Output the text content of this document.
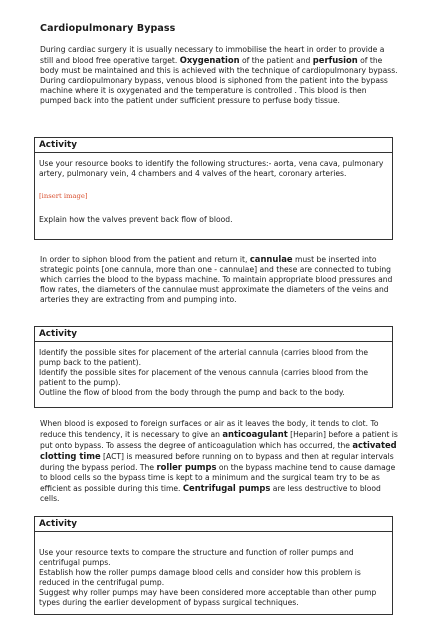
Cardiopulmonary Bypass

During cardiac surgery it is usually necessary to immobilise the heart in order to provide a still and blood free operative target. Oxygenation of the patient and perfusion of the body must be maintained and this is achieved with the technique of cardiopulmonary bypass. During cardiopulmonary bypass, venous blood is siphoned from the patient into the bypass machine where it is oxygenated and the temperature is controlled . This blood is then pumped back into the patient under sufficient pressure to perfuse body tissue.

Activity

Use your resource books to identify the following structures:- aorta, vena cava, pulmonary artery, pulmonary vein, 4 chambers and 4 valves of the heart, coronary arteries.

[insert image]

Explain how the valves prevent back flow of blood.

In order to siphon blood from the patient and return it, cannulae must be inserted into strategic points [one cannula, more than one - cannulae] and these are connected to tubing which carries the blood to the bypass machine. To maintain appropriate blood pressures and flow rates, the diameters of the cannulae must approximate the diameters of the veins and arteries they are extracting from and pumping into.

Activity

Identify the possible sites for placement of the arterial cannula (carries blood from the pump back to the patient).

Identify the possible sites for placement of the venous cannula (carries blood from the patient to the pump).

Outline the flow of blood from the body through the pump and back to the body.

When blood is exposed to foreign surfaces or air as it leaves the body, it tends to clot. To reduce this tendency, it is necessary to give an anticoagulant [Heparin] before a patient is put onto bypass. To assess the degree of anticoagulation which has occurred, the activated clotting time [ACT] is measured before running on to bypass and then at regular intervals during the bypass period. The roller pumps on the bypass machine tend to cause damage to blood cells so the bypass time is kept to a minimum and the surgical team try to be as efficient as possible during this time. Centrifugal pumps are less destructive to blood cells.

Activity

Use your resource texts to compare the structure and function of roller pumps and centrifugal pumps.

Establish how the roller pumps damage blood cells and consider how this problem is reduced in the centrifugal pump.

Suggest why roller pumps may have been considered more acceptable than other pump types during the earlier development of bypass surgical techniques.
